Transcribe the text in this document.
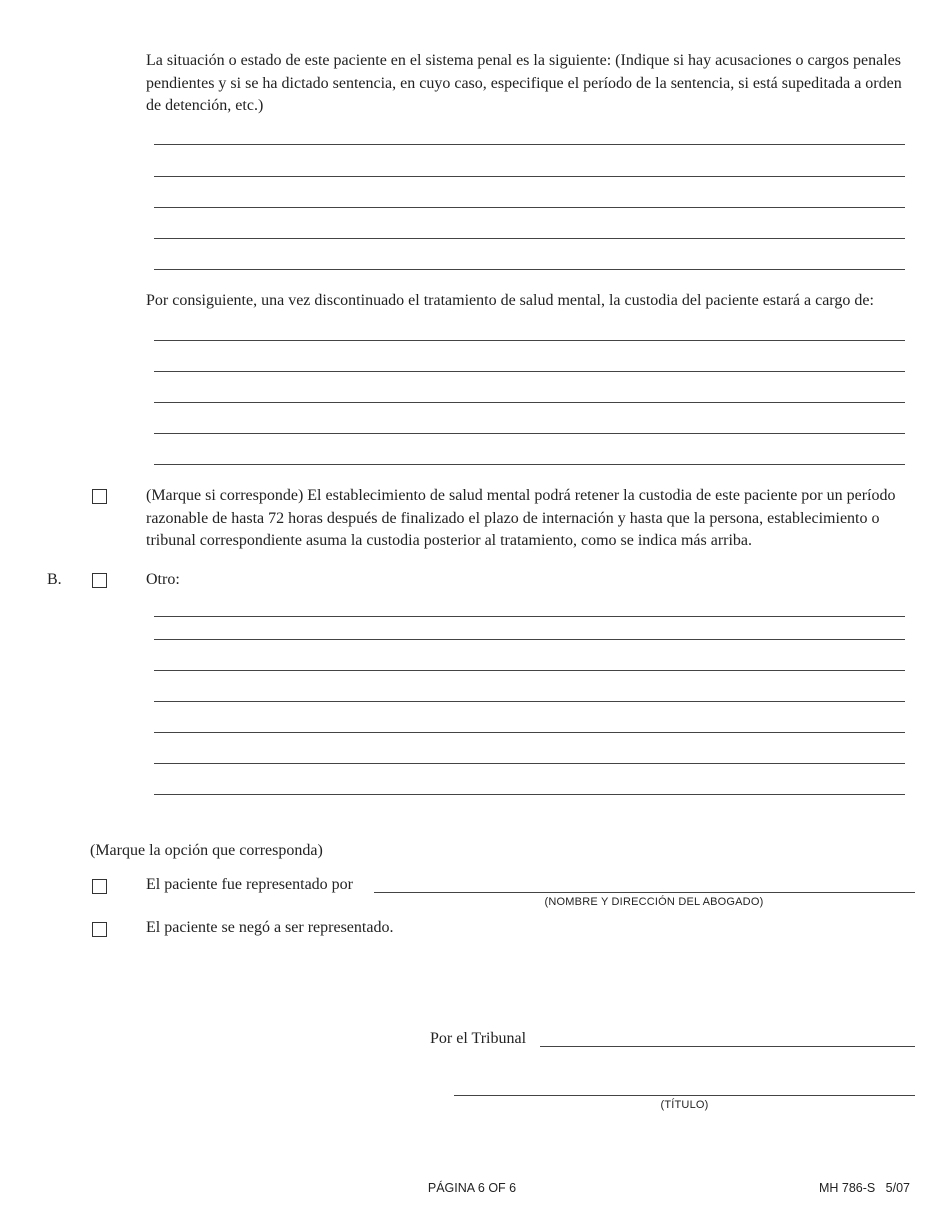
La situación o estado de este paciente en el sistema penal es la siguiente: (Indique si hay acusaciones o cargos penales pendientes y si se ha dictado sentencia, en cuyo caso, especifique el período de la sentencia, si está supeditada a orden de detención, etc.)
Por consiguiente, una vez discontinuado el tratamiento de salud mental, la custodia del paciente estará a cargo de:
(Marque si corresponde) El establecimiento de salud mental podrá retener la custodia de este paciente por un período razonable de hasta 72 horas después de finalizado el plazo de internación y hasta que la persona, establecimiento o tribunal correspondiente asuma la custodia posterior al tratamiento, como se indica más arriba.
B.	Otro:
(Marque la opción que corresponda)
El paciente fue representado por
(NOMBRE Y DIRECCIÓN DEL ABOGADO)
El paciente se negó a ser representado.
Por el Tribunal
(TÍTULO)
PÁGINA 6 OF 6	MH 786-S   5/07
